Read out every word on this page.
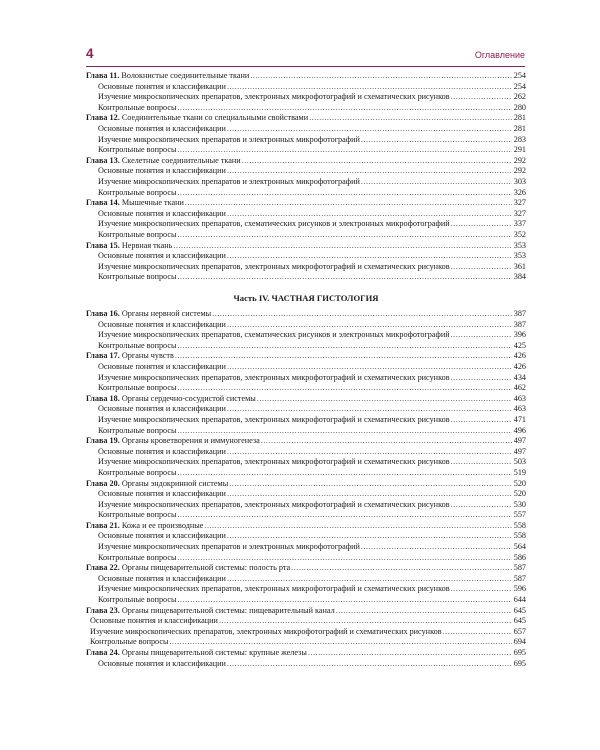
4	Оглавление
Глава 11. Волокнистые соединительные ткани .....	254
Основные понятия и классификации .....	254
Изучение микроскопических препаратов, электронных микрофотографий и схематических рисунков .....	262
Контрольные вопросы .....	280
Глава 12. Соединительные ткани со специальными свойствами .....	281
Основные понятия и классификации .....	281
Изучение микроскопических препаратов и электронных микрофотографий .....	283
Контрольные вопросы .....	291
Глава 13. Скелетные соединительные ткани .....	292
Основные понятия и классификации .....	292
Изучение микроскопических препаратов и электронных микрофотографий .....	303
Контрольные вопросы .....	326
Глава 14. Мышечные ткани .....	327
Основные понятия и классификации .....	327
Изучение микроскопических препаратов, схематических рисунков и электронных микрофотографий .....	337
Контрольные вопросы .....	352
Глава 15. Нервная ткань .....	353
Основные понятия и классификации .....	353
Изучение микроскопических препаратов, электронных микрофотографий и схематических рисунков .....	361
Контрольные вопросы .....	384
Часть IV. ЧАСТНАЯ ГИСТОЛОГИЯ
Глава 16. Органы нервной системы .....	387
Основные понятия и классификации .....	387
Изучение микроскопических препаратов, схематических рисунков и электронных микрофотографий .....	396
Контрольные вопросы .....	425
Глава 17. Органы чувств .....	426
Основные понятия и классификации .....	426
Изучение микроскопических препаратов, электронных микрофотографий и схематических рисунков .....	434
Контрольные вопросы .....	462
Глава 18. Органы сердечно-сосудистой системы .....	463
Основные понятия и классификации .....	463
Изучение микроскопических препаратов, электронных микрофотографий и схематических рисунков .....	471
Контрольные вопросы .....	496
Глава 19. Органы кроветворения и иммуногенеза .....	497
Основные понятия и классификации .....	497
Изучение микроскопических препаратов, электронных микрофотографий и схематических рисунков .....	503
Контрольные вопросы .....	519
Глава 20. Органы эндокринной системы .....	520
Основные понятия и классификации .....	520
Изучение микроскопических препаратов, электронных микрофотографий и схематических рисунков .....	530
Контрольные вопросы .....	557
Глава 21. Кожа и ее производные .....	558
Основные понятия и классификации .....	558
Изучение микроскопических препаратов и электронных микрофотографий .....	564
Контрольные вопросы .....	586
Глава 22. Органы пищеварительной системы: полость рта .....	587
Основные понятия и классификации .....	587
Изучение микроскопических препаратов, электронных микрофотографий и схематических рисунков .....	596
Контрольные вопросы .....	644
Глава 23. Органы пищеварительной системы: пищеварительный канал .....	645
Основные понятия и классификации .....	645
Изучение микроскопических препаратов, электронных микрофотографий и схематических рисунков .....	657
Контрольные вопросы .....	694
Глава 24. Органы пищеварительной системы: крупные железы .....	695
Основные понятия и классификации .....	695
